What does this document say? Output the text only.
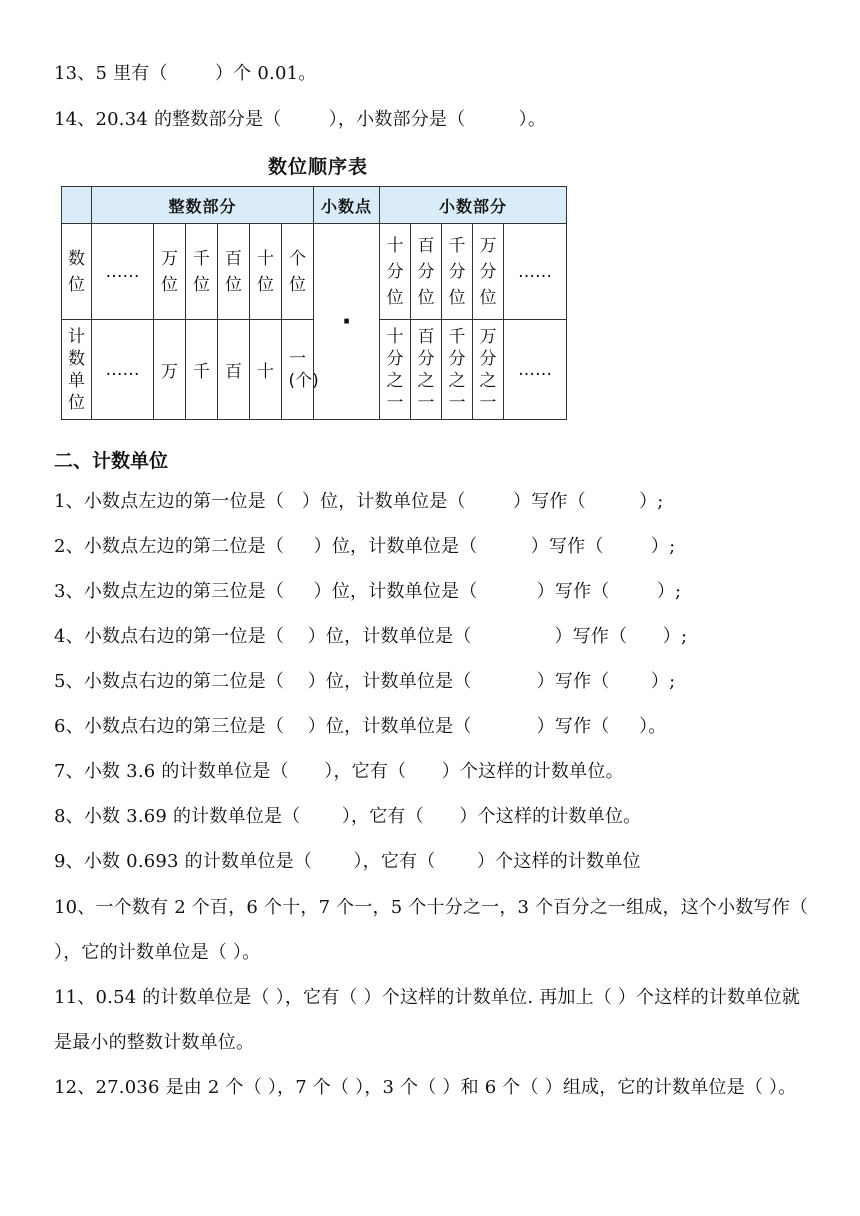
13、5 里有（        ）个 0.01。
14、20.34 的整数部分是（        ），小数部分是（         ）。
数位顺序表
	整数部分						小数点	小数部分				
数位	……	万位	千位	百位	十位	个位	·	十分位	百分位	千分位	万分位	……
计数单位	……	万	千	百	十	一(个)		十分之一	百分之一	千分之一	万分之一	……
二、计数单位
1、小数点左边的第一位是（   ）位，计数单位是（        ）写作（         ）;
2、小数点左边的第二位是（     ）位，计数单位是（         ）写作（        ）;
3、小数点左边的第三位是（     ）位，计数单位是（          ）写作（        ）;
4、小数点右边的第一位是（    ）位，计数单位是（              ）写作（      ）;
5、小数点右边的第二位是（    ）位，计数单位是（           ）写作（       ）;
6、小数点右边的第三位是（    ）位，计数单位是（           ）写作（     ）。
7、小数 3.6 的计数单位是（      ），它有（      ）个这样的计数单位。
8、小数 3.69 的计数单位是（       ），它有（      ）个这样的计数单位。
9、小数 0.693 的计数单位是（       ），它有（       ）个这样的计数单位
10、一个数有 2 个百，6 个十，7 个一，5 个十分之一，3 个百分之一组成，这个小数写作（ ），它的计数单位是（ ）。
11、0.54 的计数单位是（ ），它有（ ）个这样的计数单位. 再加上（ ）个这样的计数单位就是最小的整数计数单位。
12、27.036 是由 2 个（ ），7 个（ ），3 个（ ）和 6 个（ ）组成，它的计数单位是（ ）。
